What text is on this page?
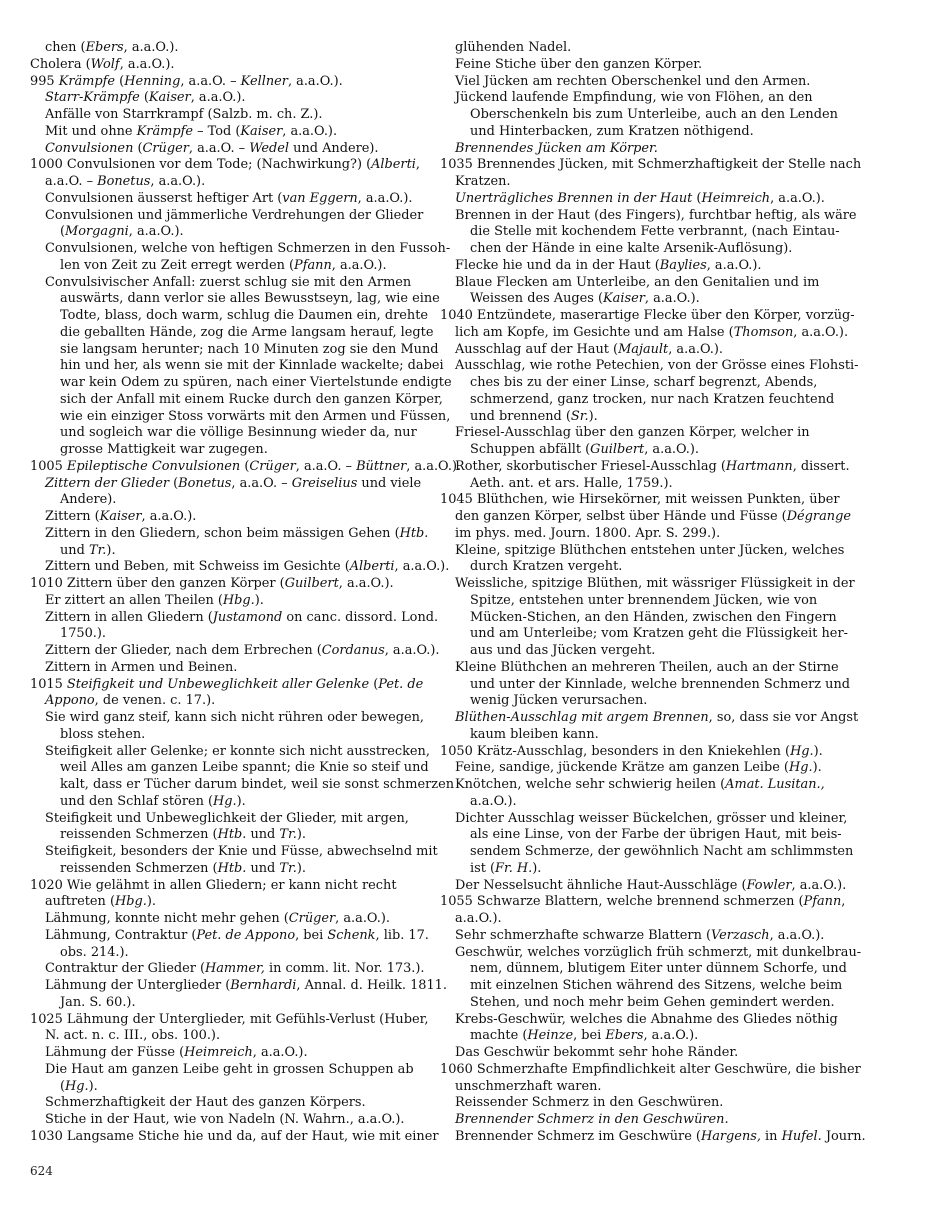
chen (Ebers, a.a.O.).
Cholera (Wolf, a.a.O.).
995 Krämpfe (Henning, a.a.O. – Kellner, a.a.O.).
Starr-Krämpfe (Kaiser, a.a.O.).
Anfälle von Starrkrampf (Salzb. m. ch. Z.).
Mit und ohne Krämpfe – Tod (Kaiser, a.a.O.).
Convulsionen (Crüger, a.a.O. – Wedel und Andere).
1000 Convulsionen vor dem Tode; (Nachwirkung?) (Alberti,
a.a.O. – Bonetus, a.a.O.).
Convulsionen äusserst heftiger Art (van Eggern, a.a.O.).
Convulsionen und jämmerliche Verdrehungen der Glieder
(Morgagni, a.a.O.).
Convulsionen, welche von heftigen Schmerzen in den Fussoh-
len von Zeit zu Zeit erregt werden (Pfann, a.a.O.).
Convulsivischer Anfall: zuerst schlug sie mit den Armen
auswärts, dann verlor sie alles Bewusstseyn, lag, wie eine
Todte, blass, doch warm, schlug die Daumen ein, drehte
die geballten Hände, zog die Arme langsam herauf, legte
sie langsam herunter; nach 10 Minuten zog sie den Mund
hin und her, als wenn sie mit der Kinnlade wackelte; dabei
war kein Odem zu spüren, nach einer Viertelstunde endigte
sich der Anfall mit einem Rucke durch den ganzen Körper,
wie ein einziger Stoss vorwärts mit den Armen und Füssen,
und sogleich war die völlige Besinnung wieder da, nur
grosse Mattigkeit war zugegen.
1005 Epileptische Convulsionen (Crüger, a.a.O. – Büttner, a.a.O.).
Zittern der Glieder (Bonetus, a.a.O. – Greiselius und viele
Andere).
Zittern (Kaiser, a.a.O.).
Zittern in den Gliedern, schon beim mässigen Gehen (Htb.
und Tr.).
Zittern und Beben, mit Schweiss im Gesichte (Alberti, a.a.O.).
1010 Zittern über den ganzen Körper (Guilbert, a.a.O.).
Er zittert an allen Theilen (Hbg.).
Zittern in allen Gliedern (Justamond on canc. dissord. Lond.
1750.).
Zittern der Glieder, nach dem Erbrechen (Cordanus, a.a.O.).
Zittern in Armen und Beinen.
1015 Steifigkeit und Unbeweglichkeit aller Gelenke (Pet. de
Appono, de venen. c. 17.).
Sie wird ganz steif, kann sich nicht rühren oder bewegen,
bloss stehen.
Steifigkeit aller Gelenke; er konnte sich nicht ausstrecken,
weil Alles am ganzen Leibe spannt; die Knie so steif und
kalt, dass er Tücher darum bindet, weil sie sonst schmerzen
und den Schlaf stören (Hg.).
Steifigkeit und Unbeweglichkeit der Glieder, mit argen,
reissenden Schmerzen (Htb. und Tr.).
Steifigkeit, besonders der Knie und Füsse, abwechselnd mit
reissenden Schmerzen (Htb. und Tr.).
1020 Wie gelähmt in allen Gliedern; er kann nicht recht
auftreten (Hbg.).
Lähmung, konnte nicht mehr gehen (Crüger, a.a.O.).
Lähmung, Contraktur (Pet. de Appono, bei Schenk, lib. 17.
obs. 214.).
Contraktur der Glieder (Hammer, in comm. lit. Nor. 173.).
Lähmung der Unterglieder (Bernhardi, Annal. d. Heilk. 1811.
Jan. S. 60.).
1025 Lähmung der Unterglieder, mit Gefühls-Verlust (Huber,
N. act. n. c. III., obs. 100.).
Lähmung der Füsse (Heimreich, a.a.O.).
Die Haut am ganzen Leibe geht in grossen Schuppen ab
(Hg.).
Schmerzhaftigkeit der Haut des ganzen Körpers.
Stiche in der Haut, wie von Nadeln (N. Wahrn., a.a.O.).
1030 Langsame Stiche hie und da, auf der Haut, wie mit einer
glühenden Nadel.
Feine Stiche über den ganzen Körper.
Viel Jücken am rechten Oberschenkel und den Armen.
Jückend laufende Empfindung, wie von Flöhen, an den
Oberschenkeln bis zum Unterleibe, auch an den Lenden
und Hinterbacken, zum Kratzen nöthigend.
Brennendes Jücken am Körper.
1035 Brennendes Jücken, mit Schmerzhaftigkeit der Stelle nach
Kratzen.
Unerträgliches Brennen in der Haut (Heimreich, a.a.O.).
Brennen in der Haut (des Fingers), furchtbar heftig, als wäre
die Stelle mit kochendem Fette verbrannt, (nach Eintau-
chen der Hände in eine kalte Arsenik-Auflösung).
Flecke hie und da in der Haut (Baylies, a.a.O.).
Blaue Flecken am Unterleibe, an den Genitalien und im
Weissen des Auges (Kaiser, a.a.O.).
1040 Entzündete, maserartige Flecke über den Körper, vorzüg-
lich am Kopfe, im Gesichte und am Halse (Thomson, a.a.O.).
Ausschlag auf der Haut (Majault, a.a.O.).
Ausschlag, wie rothe Petechien, von der Grösse eines Flohsti-
ches bis zu der einer Linse, scharf begrenzt, Abends,
schmerzend, ganz trocken, nur nach Kratzen feuchtend
und brennend (Sr.).
Friesel-Ausschlag über den ganzen Körper, welcher in
Schuppen abfällt (Guilbert, a.a.O.).
Rother, skorbutischer Friesel-Ausschlag (Hartmann, dissert.
Aeth. ant. et ars. Halle, 1759.).
1045 Blüthchen, wie Hirsekörner, mit weissen Punkten, über
den ganzen Körper, selbst über Hände und Füsse (Dégrange
im phys. med. Journ. 1800. Apr. S. 299.).
Kleine, spitzige Blüthchen entstehen unter Jücken, welches
durch Kratzen vergeht.
Weissliche, spitzige Blüthen, mit wässriger Flüssigkeit in der
Spitze, entstehen unter brennendem Jücken, wie von
Mücken-Stichen, an den Händen, zwischen den Fingern
und am Unterleibe; vom Kratzen geht die Flüssigkeit her-
aus und das Jücken vergeht.
Kleine Blüthchen an mehreren Theilen, auch an der Stirne
und unter der Kinnlade, welche brennenden Schmerz und
wenig Jücken verursachen.
Blüthen-Ausschlag mit argem Brennen, so, dass sie vor Angst
kaum bleiben kann.
1050 Krätz-Ausschlag, besonders in den Kniekehlen (Hg.).
Feine, sandige, jückende Krätze am ganzen Leibe (Hg.).
Knötchen, welche sehr schwierig heilen (Amat. Lusitan.,
a.a.O.).
Dichter Ausschlag weisser Bückelchen, grösser und kleiner,
als eine Linse, von der Farbe der übrigen Haut, mit beis-
sendem Schmerze, der gewöhnlich Nacht am schlimmsten
ist (Fr. H.).
Der Nesselsucht ähnliche Haut-Ausschläge (Fowler, a.a.O.).
1055 Schwarze Blattern, welche brennend schmerzen (Pfann,
a.a.O.).
Sehr schmerzhafte schwarze Blattern (Verzasch, a.a.O.).
Geschwür, welches vorzüglich früh schmerzt, mit dunkelbrau-
nem, dünnem, blutigem Eiter unter dünnem Schorfe, und
mit einzelnen Stichen während des Sitzens, welche beim
Stehen, und noch mehr beim Gehen gemindert werden.
Krebs-Geschwür, welches die Abnahme des Gliedes nöthig
machte (Heinze, bei Ebers, a.a.O.).
Das Geschwür bekommt sehr hohe Ränder.
1060 Schmerzhafte Empfindlichkeit alter Geschwüre, die bisher
unschmerzhaft waren.
Reissender Schmerz in den Geschwüren.
Brennender Schmerz in den Geschwüren.
Brennender Schmerz im Geschwüre (Hargens, in Hufel. Journ.
624
